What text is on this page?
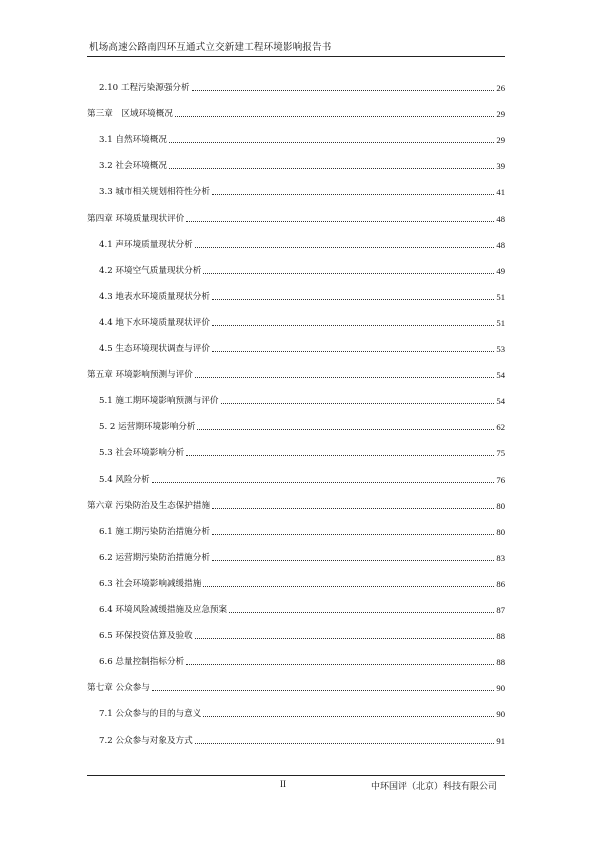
机场高速公路南四环互通式立交新建工程环境影响报告书
2.10 工程污染源强分析	26
第三章　区域环境概况	29
3.1 自然环境概况	29
3.2 社会环境概况	39
3.3 城市相关规划相符性分析	41
第四章 环境质量现状评价	48
4.1 声环境质量现状分析	48
4.2 环境空气质量现状分析	49
4.3 地表水环境质量现状分析	51
4.4 地下水环境质量现状评价	51
4.5 生态环境现状调查与评价	53
第五章 环境影响预测与评价	54
5.1 施工期环境影响预测与评价	54
5. 2 运营期环境影响分析	62
5.3 社会环境影响分析	75
5.4 风险分析	76
第六章 污染防治及生态保护措施	80
6.1 施工期污染防治措施分析	80
6.2 运营期污染防治措施分析	83
6.3 社会环境影响减缓措施	86
6.4 环境风险减缓措施及应急预案	87
6.5 环保投资估算及验收	88
6.6 总量控制指标分析	88
第七章 公众参与	90
7.1 公众参与的目的与意义	90
7.2 公众参与对象及方式	91
II	中环国评（北京）科技有限公司
